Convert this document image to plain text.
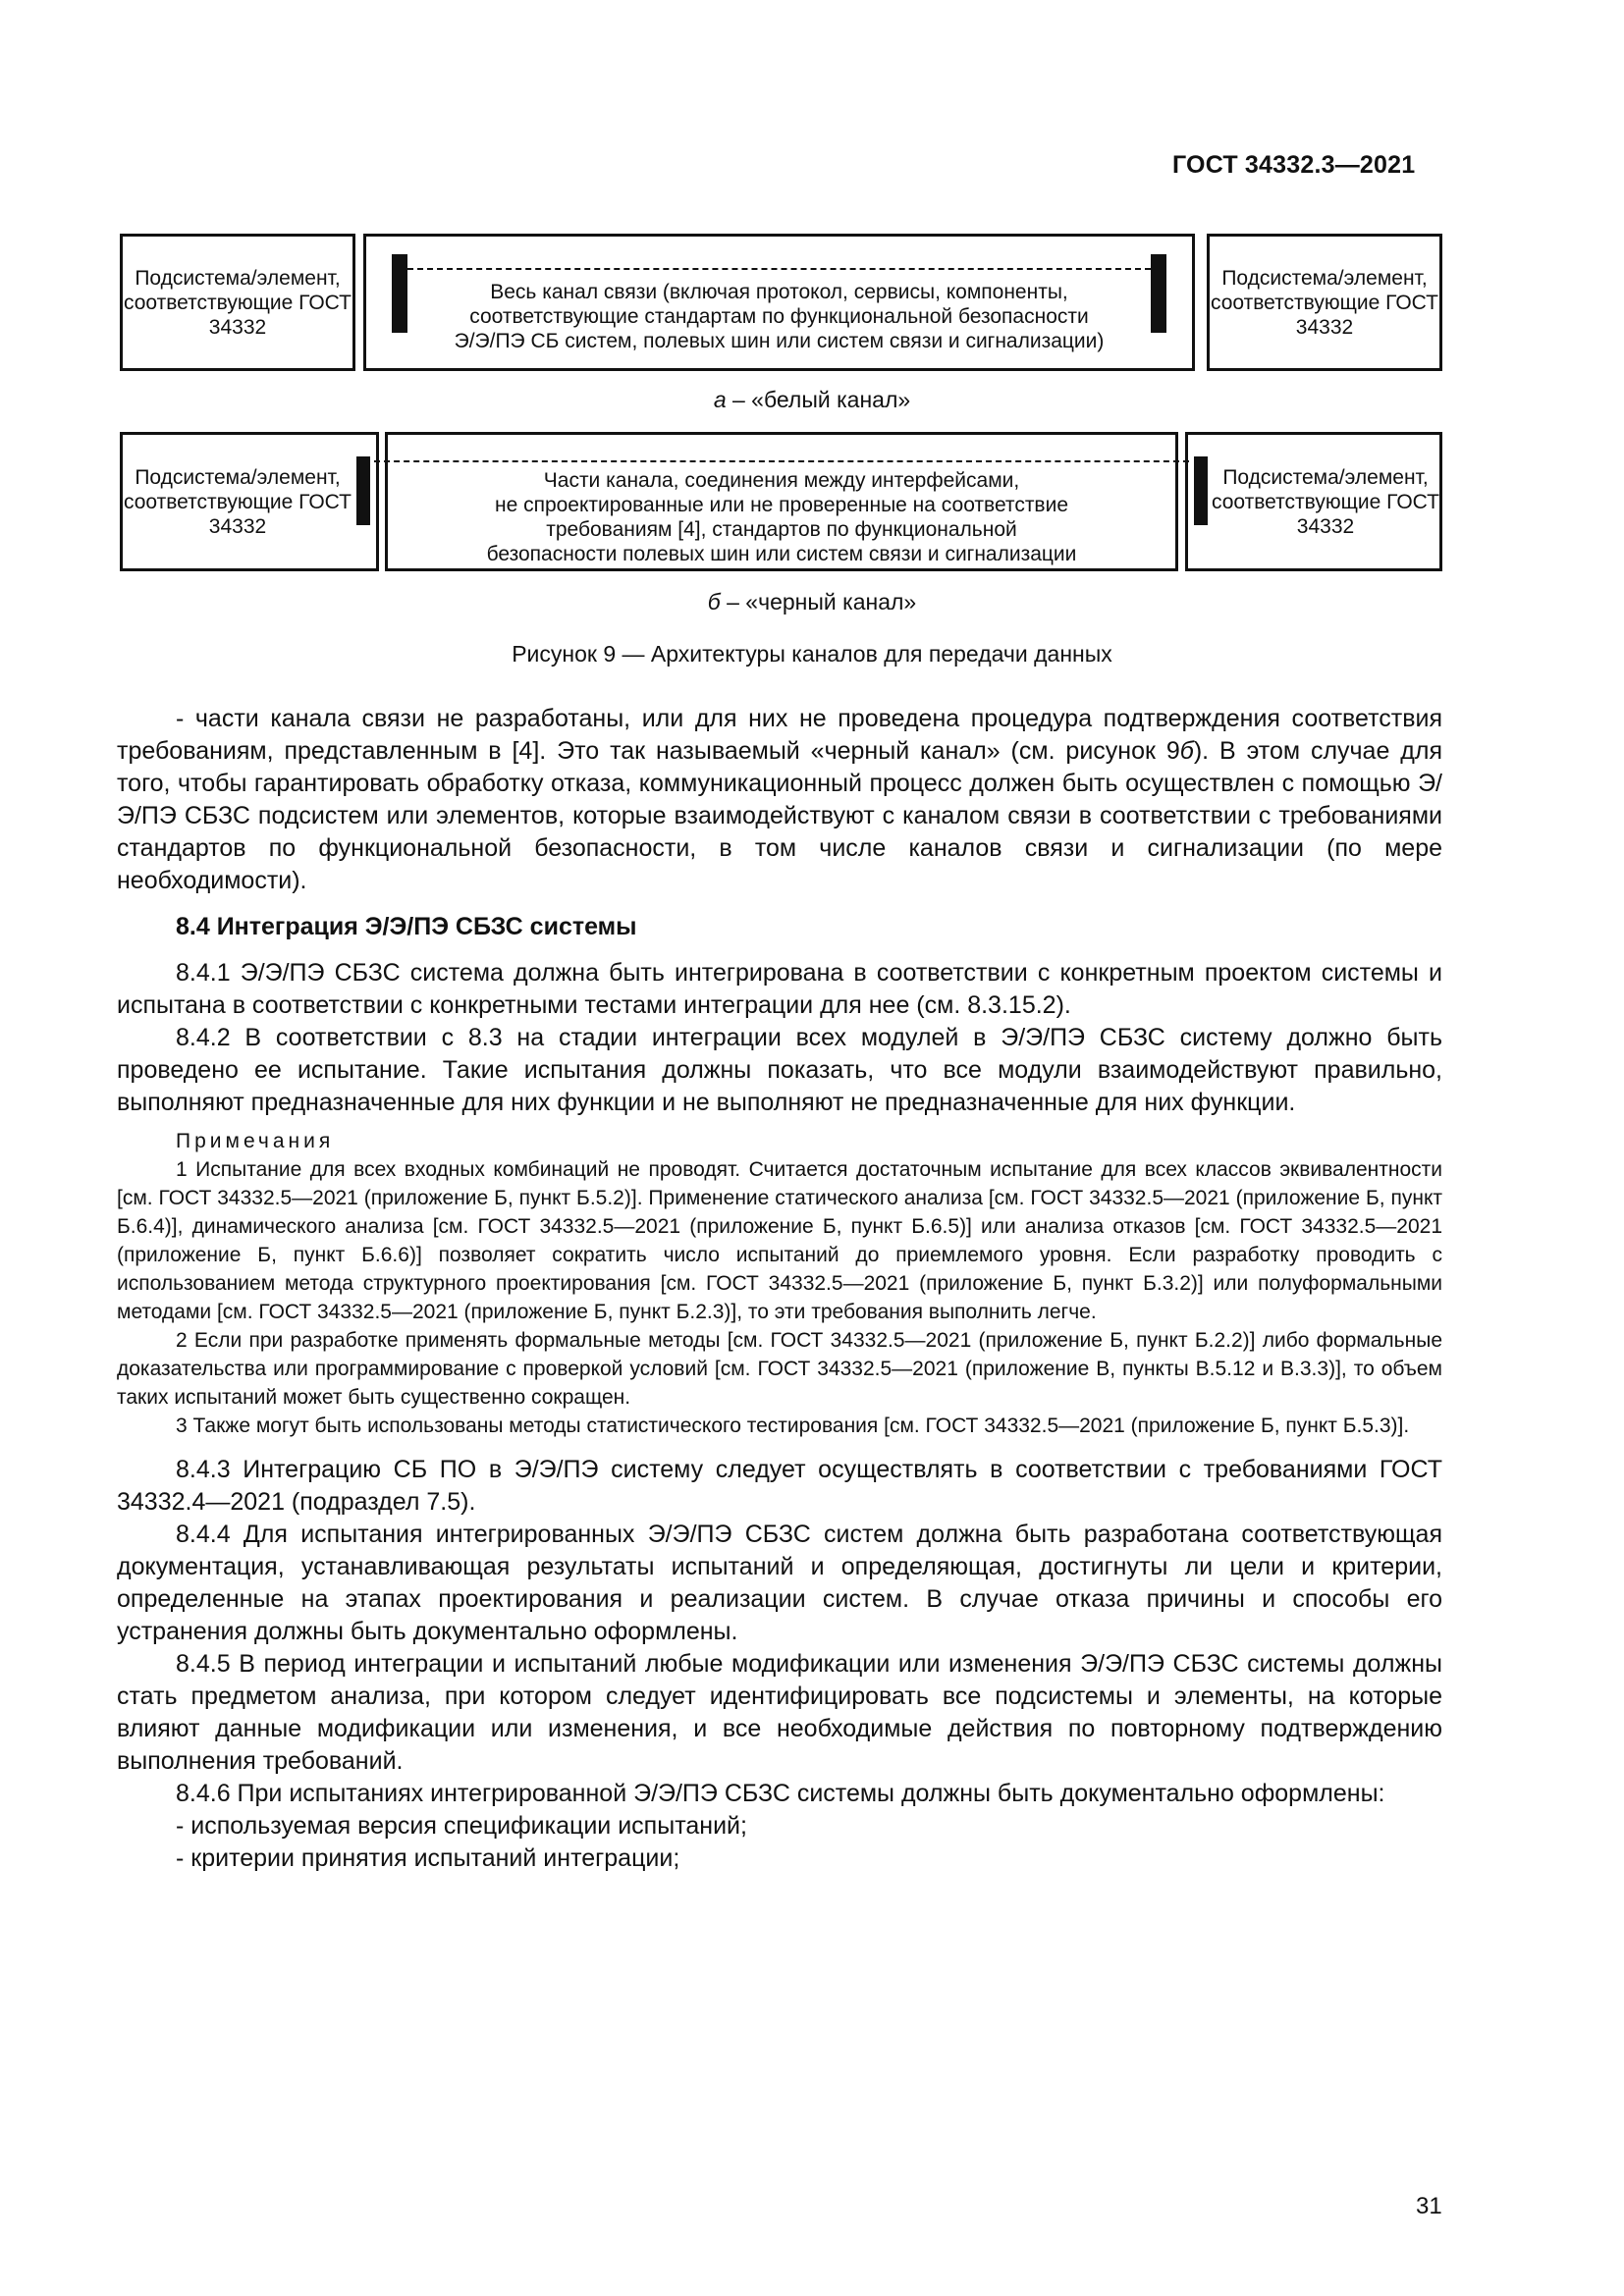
ГОСТ 34332.3—2021
Подсистема/элемент, соответствующие ГОСТ 34332
Весь канал связи (включая протокол, сервисы, компоненты,
соответствующие стандартам по функциональной безопасности
Э/Э/ПЭ СБ систем, полевых шин или систем связи и сигнализации)
Подсистема/элемент, соответствующие ГОСТ 34332
а – «белый канал»
Подсистема/элемент, соответствующие ГОСТ 34332
Части канала, соединения между интерфейсами,
не спроектированные или не проверенные на соответствие
требованиям [4], стандартов по функциональной
безопасности полевых шин или систем связи и сигнализации
Подсистема/элемент, соответствующие ГОСТ 34332
б – «черный канал»
Рисунок 9 — Архитектуры каналов для передачи данных

- части канала связи не разработаны, или для них не проведена процедура подтверждения соответствия требованиям, представленным в [4]. Это так называемый «черный канал» (см. рисунок 9б). В этом случае для того, чтобы гарантировать обработку отказа, коммуникационный процесс должен быть осуществлен с помощью Э/Э/ПЭ СБЗС подсистем или элементов, которые взаимодействуют с каналом связи в соответствии с требованиями стандартов по функциональной безопасности, в том числе каналов связи и сигнализации (по мере необходимости).

8.4 Интеграция Э/Э/ПЭ СБЗС системы

8.4.1 Э/Э/ПЭ СБЗС система должна быть интегрирована в соответствии с конкретным проектом системы и испытана в соответствии с конкретными тестами интеграции для нее (см. 8.3.15.2).

8.4.2 В соответствии с 8.3 на стадии интеграции всех модулей в Э/Э/ПЭ СБЗС систему должно быть проведено ее испытание. Такие испытания должны показать, что все модули взаимодействуют правильно, выполняют предназначенные для них функции и не выполняют не предназначенные для них функции.

Примечания

1 Испытание для всех входных комбинаций не проводят. Считается достаточным испытание для всех классов эквивалентности [см. ГОСТ 34332.5—2021 (приложение Б, пункт Б.5.2)]. Применение статического анализа [см. ГОСТ 34332.5—2021 (приложение Б, пункт Б.6.4)], динамического анализа [см. ГОСТ 34332.5—2021 (приложение Б, пункт Б.6.5)] или анализа отказов [см. ГОСТ 34332.5—2021 (приложение Б, пункт Б.6.6)] позволяет сократить число испытаний до приемлемого уровня. Если разработку проводить с использованием метода структурного проектирования [см. ГОСТ 34332.5—2021 (приложение Б, пункт Б.3.2)] или полуформальными методами [см. ГОСТ 34332.5—2021 (приложение Б, пункт Б.2.3)], то эти требования выполнить легче.

2 Если при разработке применять формальные методы [см. ГОСТ 34332.5—2021 (приложение Б, пункт Б.2.2)] либо формальные доказательства или программирование с проверкой условий [см. ГОСТ 34332.5—2021 (приложение В, пункты В.5.12 и В.3.3)], то объем таких испытаний может быть существенно сокращен.

3 Также могут быть использованы методы статистического тестирования [см. ГОСТ 34332.5—2021 (приложение Б, пункт Б.5.3)].

8.4.3 Интеграцию СБ ПО в Э/Э/ПЭ систему следует осуществлять в соответствии с требованиями ГОСТ 34332.4—2021 (подраздел 7.5).

8.4.4 Для испытания интегрированных Э/Э/ПЭ СБЗС систем должна быть разработана соответствующая документация, устанавливающая результаты испытаний и определяющая, достигнуты ли цели и критерии, определенные на этапах проектирования и реализации систем. В случае отказа причины и способы его устранения должны быть документально оформлены.

8.4.5 В период интеграции и испытаний любые модификации или изменения Э/Э/ПЭ СБЗС системы должны стать предметом анализа, при котором следует идентифицировать все подсистемы и элементы, на которые влияют данные модификации или изменения, и все необходимые действия по повторному подтверждению выполнения требований.

8.4.6 При испытаниях интегрированной Э/Э/ПЭ СБЗС системы должны быть документально оформлены:

- используемая версия спецификации испытаний;

- критерии принятия испытаний интеграции;

31
